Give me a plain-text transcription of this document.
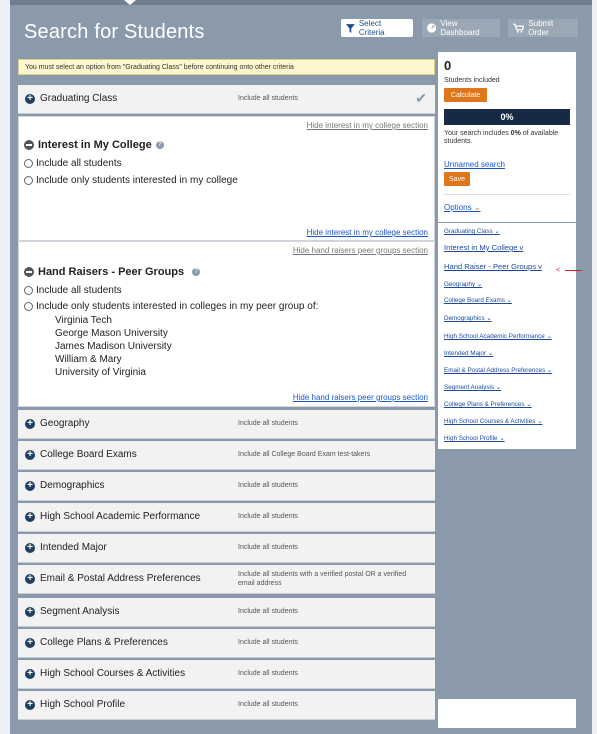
Search for Students	Select Criteria
View Dashboard
Submit Order
You must select an option from "Graduating Class" before continuing onto other criteria
+ Graduating Class	Include all students	✔
Hide interest in my college section
Interest in My College ?
Include all students
Include only students interested in my college
Hide interest in my college section
Hide hand raisers peer groups section
Hand Raisers - Peer Groups ?
Include all students
Include only students interested in colleges in my peer group of:
Virginia Tech
George Mason University
James Madison University
William & Mary
University of Virginia
Hide hand raisers peer groups section
+ Geography	Include all students
+ College Board Exams	Include all College Board Exam test-takers
+ Demographics	Include all students
+ High School Academic Performance	Include all students
+ Intended Major	Include all students
+ Email & Postal Address Preferences	Include all students with a verified postal OR a verified email address
+ Segment Analysis	Include all students
+ College Plans & Preferences	Include all students
+ High School Courses & Activities	Include all students
+ High School Profile	Include all students
0
Students included
Calculate
0%
Your search includes 0% of available students.
Unnamed search
Save
Options ⌄
Graduating Class ⌄
Interest in My College v
Hand Raiser - Peer Groups v
Geography ⌄
College Board Exams ⌄
Demographics ⌄
High School Academic Performance ⌄
Intended Major ⌄
Email & Postal Address Preferences ⌄
Segment Analysis ⌄
College Plans & Preferences ⌄
High School Courses & Activities ⌄
High School Profile ⌄
<
